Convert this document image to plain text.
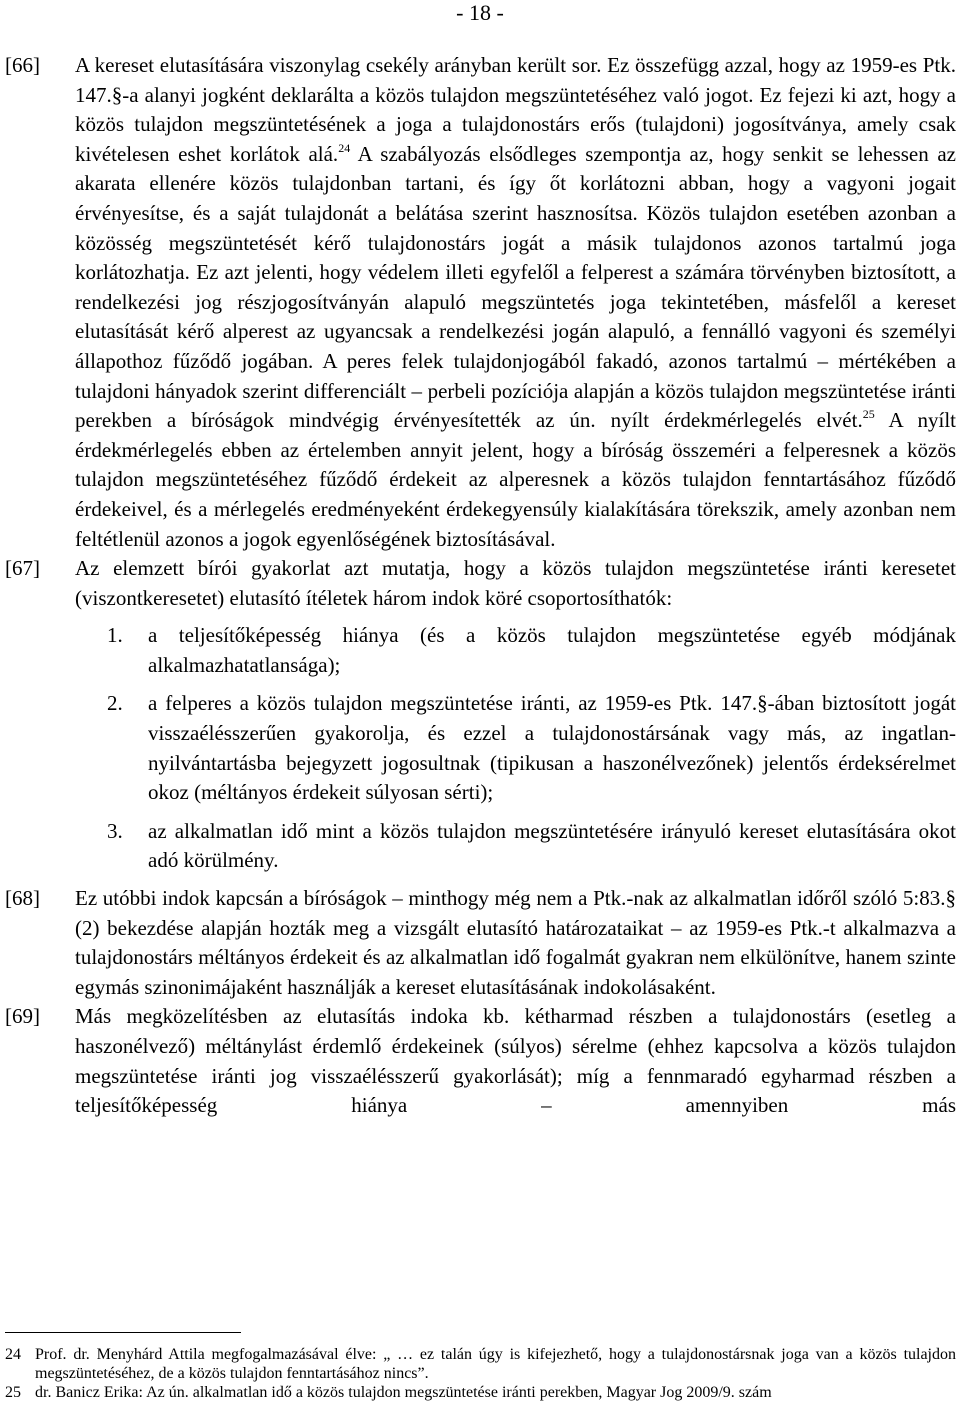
- 18 -
[66] A kereset elutasítására viszonylag csekély arányban került sor. Ez összefügg azzal, hogy az 1959-es Ptk. 147.§-a alanyi jogként deklarálta a közös tulajdon megszüntetéséhez való jogot. Ez fejezi ki azt, hogy a közös tulajdon megszüntetésének a joga a tulajdonostárs erős (tulajdoni) jogosítványa, amely csak kivételesen eshet korlátok alá.$^{24}$ A szabályozás elsődleges szempontja az, hogy senkit se lehessen az akarata ellenére közös tulajdonban tartani, és így őt korlátozni abban, hogy a vagyoni jogait érvényesítse, és a saját tulajdonát a belátása szerint hasznosítsa. Közös tulajdon esetében azonban a közösség megszüntetését kérő tulajdonostárs jogát a másik tulajdonos azonos tartalmú joga korlátozhatja. Ez azt jelenti, hogy védelem illeti egyfelől a felperest a számára törvényben biztosított, a rendelkezési jog részjogosítványán alapuló megszüntetés joga tekintetében, másfelől a kereset elutasítását kérő alperest az ugyancsak a rendelkezési jogán alapuló, a fennálló vagyoni és személyi állapothoz fűződő jogában. A peres felek tulajdonjogából fakadó, azonos tartalmú – mértékében a tulajdoni hányadok szerint differenciált – perbeli pozíciója alapján a közös tulajdon megszüntetése iránti perekben a bíróságok mindvégig érvényesítették az ún. nyílt érdekmérlegelés elvét.$^{25}$ A nyílt érdekmérlegelés ebben az értelemben annyit jelent, hogy a bíróság összeméri a felperesnek a közös tulajdon megszüntetéséhez fűződő érdekeit az alperesnek a közös tulajdon fenntartásához fűződő érdekeivel, és a mérlegelés eredményeként érdekegyensúly kialakítására törekszik, amely azonban nem feltétlenül azonos a jogok egyenlőségének biztosításával.

[67] Az elemzett bírói gyakorlat azt mutatja, hogy a közös tulajdon megszüntetése iránti keresetet (viszontkeresetet) elutasító ítéletek három indok köré csoportosíthatók:

1. a teljesítőképesség hiánya (és a közös tulajdon megszüntetése egyéb módjának alkalmazhatatlansága);
2. a felperes a közös tulajdon megszüntetése iránti, az 1959-es Ptk. 147.§-ában biztosított jogát visszaélésszerűen gyakorolja, és ezzel a tulajdonostársának vagy más, az ingatlan-nyilvántartásba bejegyzett jogosultnak (tipikusan a haszonélvezőnek) jelentős érdeksérelmet okoz (méltányos érdekeit súlyosan sérti);
3. az alkalmatlan idő mint a közös tulajdon megszüntetésére irányuló kereset elutasítására okot adó körülmény.
[68] Ez utóbbi indok kapcsán a bíróságok – minthogy még nem a Ptk.-nak az alkalmatlan időről szóló 5:83.§ (2) bekezdése alapján hozták meg a vizsgált elutasító határozataikat – az 1959-es Ptk.-t alkalmazva a tulajdonostárs méltányos érdekeit és az alkalmatlan idő fogalmát gyakran nem elkülönítve, hanem szinte egymás szinonimájaként használják a kereset elutasításának indokolásaként.

[69] Más megközelítésben az elutasítás indoka kb. kétharmad részben a tulajdonostárs (esetleg a haszonélvező) méltánylást érdemlő érdekeinek (súlyos) sérelme (ehhez kapcsolva a közös tulajdon megszüntetése iránti jog visszaélésszerű gyakorlását); míg a fennmaradó egyharmad részben a teljesítőképesség hiánya – amennyiben más

24 Prof. dr. Menyhárd Attila megfogalmazásával élve: „ … ez talán úgy is kifejezhető, hogy a tulajdonostársnak joga van a közös tulajdon megszüntetéséhez, de a közös tulajdon fenntartásához nincs”.
25 dr. Banicz Erika: Az ún. alkalmatlan idő a közös tulajdon megszüntetése iránti perekben, Magyar Jog 2009/9. szám
